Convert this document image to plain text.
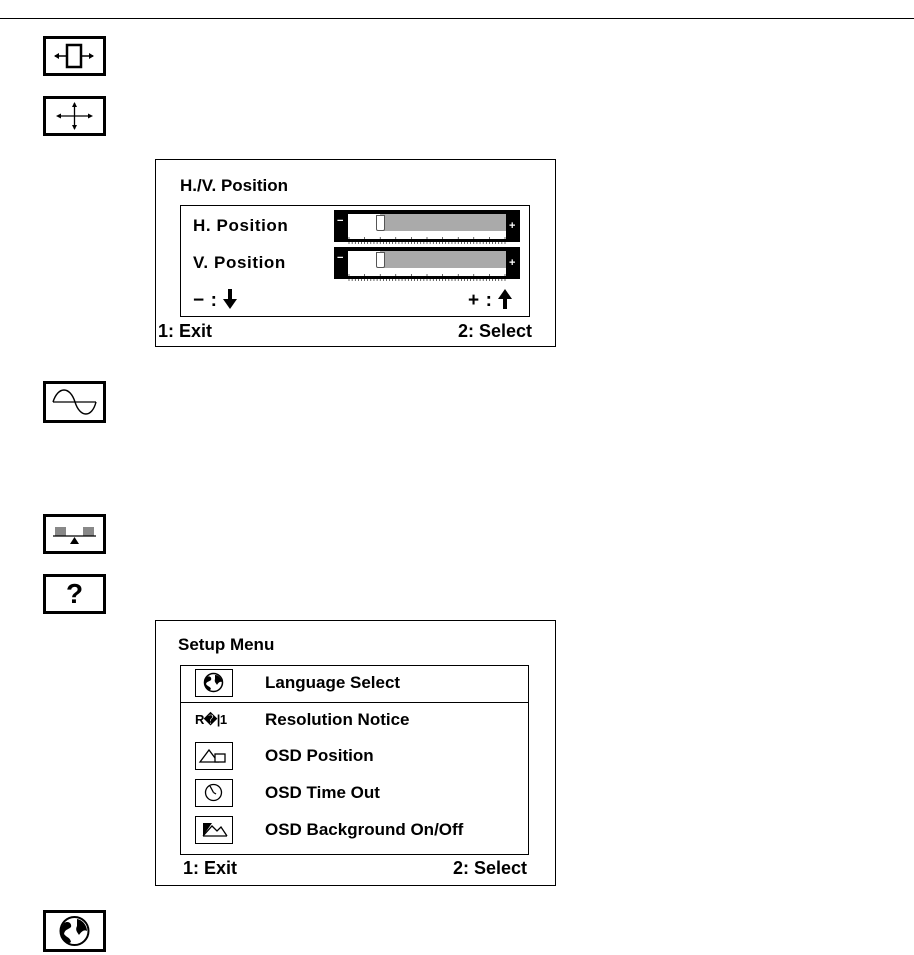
H./V. Position
H. Position	−	+
V. Position	−	+
− :	+ :
1: Exit	2: Select
?
Setup Menu
Language Select
R�|1	Resolution Notice
OSD Position
OSD Time Out
OSD Background On/Off
1: Exit	2: Select
